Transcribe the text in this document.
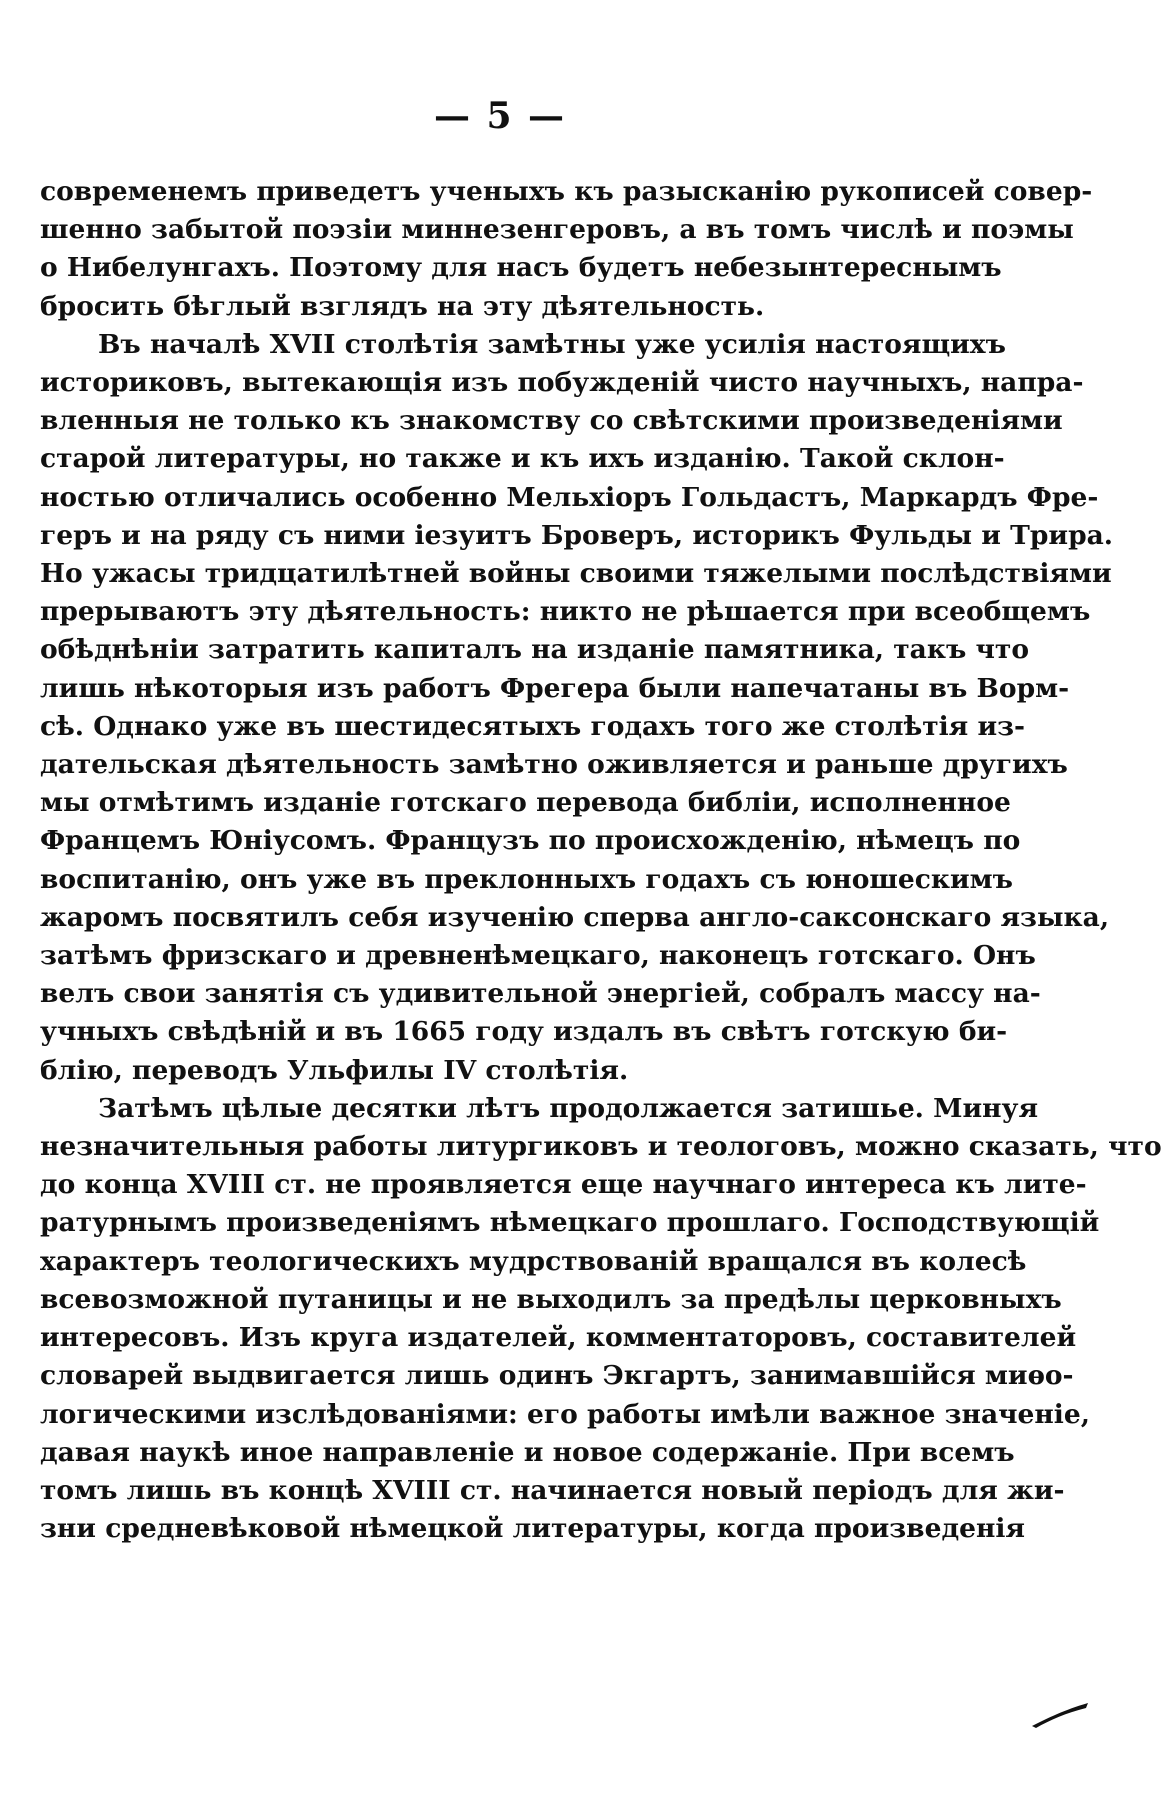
— 5 —
современемъ приведетъ ученыхъ къ разысканію рукописей совер-
шенно забытой поэзіи миннезенгеровъ, а въ томъ числѣ и поэмы
о Нибелунгахъ. Поэтому для насъ будетъ небезынтереснымъ
бросить бѣглый взглядъ на эту дѣятельность.
Въ началѣ XVII столѣтія замѣтны уже усилія настоящихъ
историковъ, вытекающія изъ побужденій чисто научныхъ, напра-
вленныя не только къ знакомству со свѣтскими произведеніями
старой литературы, но также и къ ихъ изданію. Такой склон-
ностью отличались особенно Мельхіоръ Гольдастъ, Маркардъ Фре-
геръ и на ряду съ ними іезуитъ Броверъ, историкъ Фульды и Трира.
Но ужасы тридцатилѣтней войны своими тяжелыми послѣдствіями
прерываютъ эту дѣятельность: никто не рѣшается при всеобщемъ
обѣднѣніи затратить капиталъ на изданіе памятника, такъ что
лишь нѣкоторыя изъ работъ Фрегера были напечатаны въ Ворм-
сѣ. Однако уже въ шестидесятыхъ годахъ того же столѣтія из-
дательская дѣятельность замѣтно оживляется и раньше другихъ
мы отмѣтимъ изданіе готскаго перевода библіи, исполненное
Францемъ Юніусомъ. Французъ по происхожденію, нѣмецъ по
воспитанію, онъ уже въ преклонныхъ годахъ съ юношескимъ
жаромъ посвятилъ себя изученію сперва англо-саксонскаго языка,
затѣмъ фризскаго и древненѣмецкаго, наконецъ готскаго. Онъ
велъ свои занятія съ удивительной энергіей, собралъ массу на-
учныхъ свѣдѣній и въ 1665 году издалъ въ свѣтъ готскую би-
блію, переводъ Ульфилы IV столѣтія.
Затѣмъ цѣлые десятки лѣтъ продолжается затишье. Минуя
незначительныя работы литургиковъ и теологовъ, можно сказать, что
до конца XVIII ст. не проявляется еще научнаго интереса къ лите-
ратурнымъ произведеніямъ нѣмецкаго прошлаго. Господствующій
характеръ теологическихъ мудрствованій вращался въ колесѣ
всевозможной путаницы и не выходилъ за предѣлы церковныхъ
интересовъ. Изъ круга издателей, комментаторовъ, составителей
словарей выдвигается лишь одинъ Экгартъ, занимавшійся миѳо-
логическими изслѣдованіями: его работы имѣли важное значеніе,
давая наукѣ иное направленіе и новое содержаніе. При всемъ
томъ лишь въ концѣ XVIII ст. начинается новый періодъ для жи-
зни средневѣковой нѣмецкой литературы, когда произведенія
